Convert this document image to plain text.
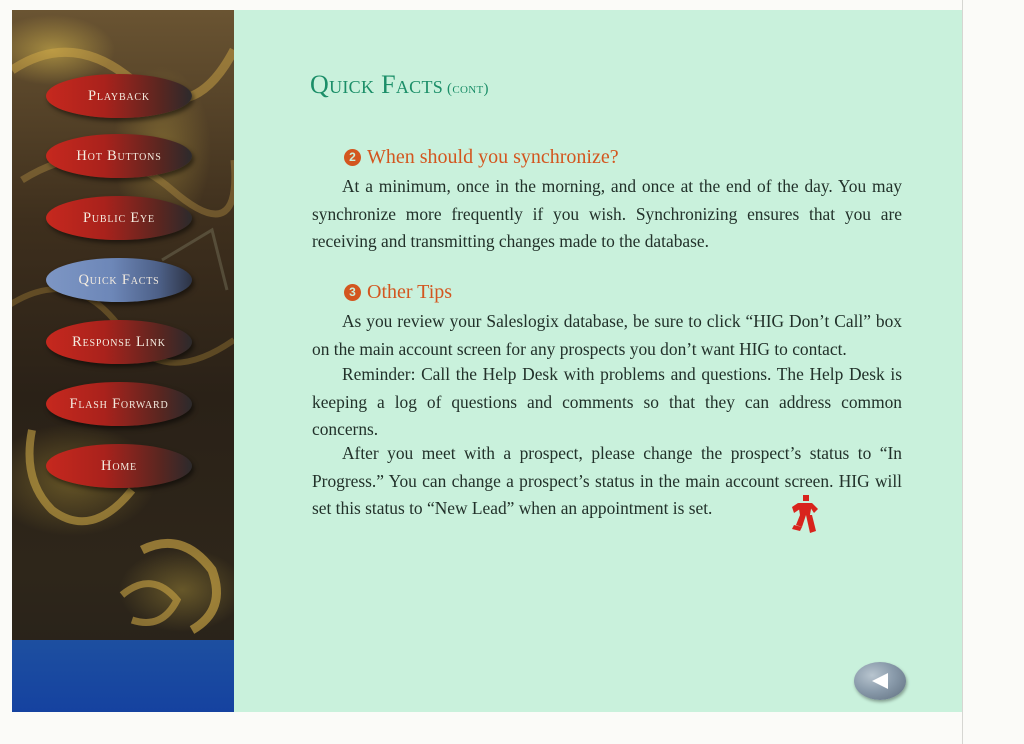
Playback
Hot Buttons
Public Eye
Quick Facts
Response Link
Flash Forward
Home
Quick Facts (cont)
2 When should you synchronize?

At a minimum, once in the morning, and once at the end of the day. You may synchronize more frequently if you wish. Synchronizing ensures that you are receiving and transmitting changes made to the database.

3 Other Tips

As you review your Saleslogix database, be sure to click “HIG Don’t Call” box on the main account screen for any prospects you don’t want HIG to contact.

Reminder: Call the Help Desk with problems and questions. The Help Desk is keeping a log of questions and comments so that they can address common concerns.

After you meet with a prospect, please change the prospect’s status to “In Progress.” You can change a prospect’s status in the main account screen. HIG will set this status to “New Lead” when an appointment is set.
